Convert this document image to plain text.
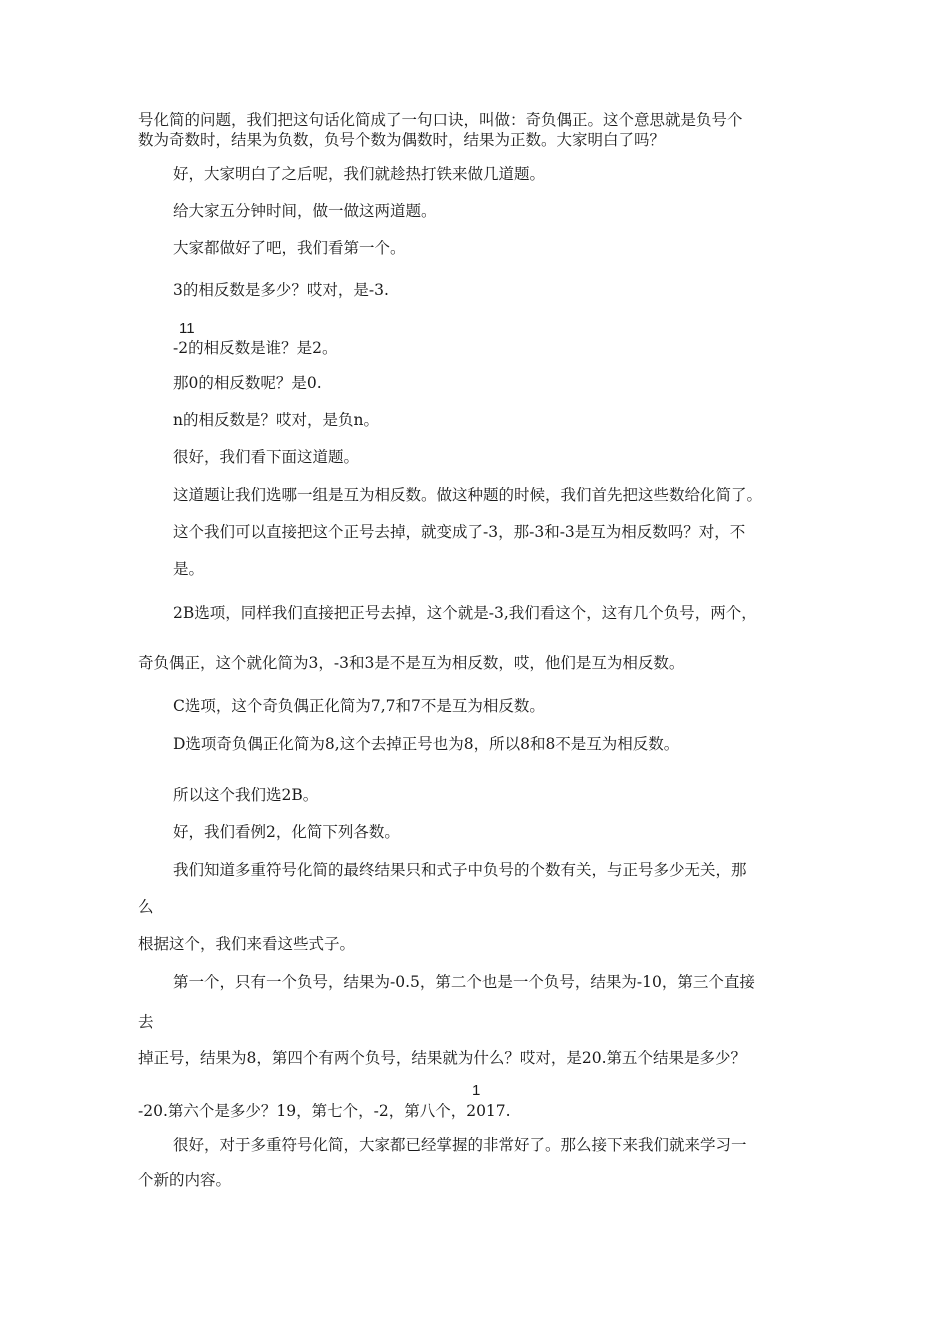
号化简的问题，我们把这句话化简成了一句口诀，叫做：奇负偶正。这个意思就是负号个

数为奇数时，结果为负数，负号个数为偶数时，结果为正数。大家明白了吗？

好，大家明白了之后呢，我们就趁热打铁来做几道题。

给大家五分钟时间，做一做这两道题。

大家都做好了吧，我们看第一个。

3的相反数是多少？哎对，是-3.

11

-2的相反数是谁？是2。

那0的相反数呢？是0.

n的相反数是？哎对，是负n。

很好，我们看下面这道题。

这道题让我们选哪一组是互为相反数。做这种题的时候，我们首先把这些数给化简了。

这个我们可以直接把这个正号去掉，就变成了-3，那-3和-3是互为相反数吗？对，不

是。

2B选项，同样我们直接把正号去掉，这个就是-3,我们看这个，这有几个负号，两个，

奇负偶正，这个就化简为3，-3和3是不是互为相反数，哎，他们是互为相反数。

C选项，这个奇负偶正化简为7,7和7不是互为相反数。

D选项奇负偶正化简为8,这个去掉正号也为8，所以8和8不是互为相反数。

所以这个我们选2B。

好，我们看例2，化简下列各数。

我们知道多重符号化简的最终结果只和式子中负号的个数有关，与正号多少无关，那

么

根据这个，我们来看这些式子。

第一个，只有一个负号，结果为-0.5，第二个也是一个负号，结果为-10，第三个直接

去

掉正号，结果为8，第四个有两个负号，结果就为什么？哎对，是20.第五个结果是多少？

1

-20.第六个是多少？19，第七个，-2，第八个，2017.

很好，对于多重符号化简，大家都已经掌握的非常好了。那么接下来我们就来学习一

个新的内容。
